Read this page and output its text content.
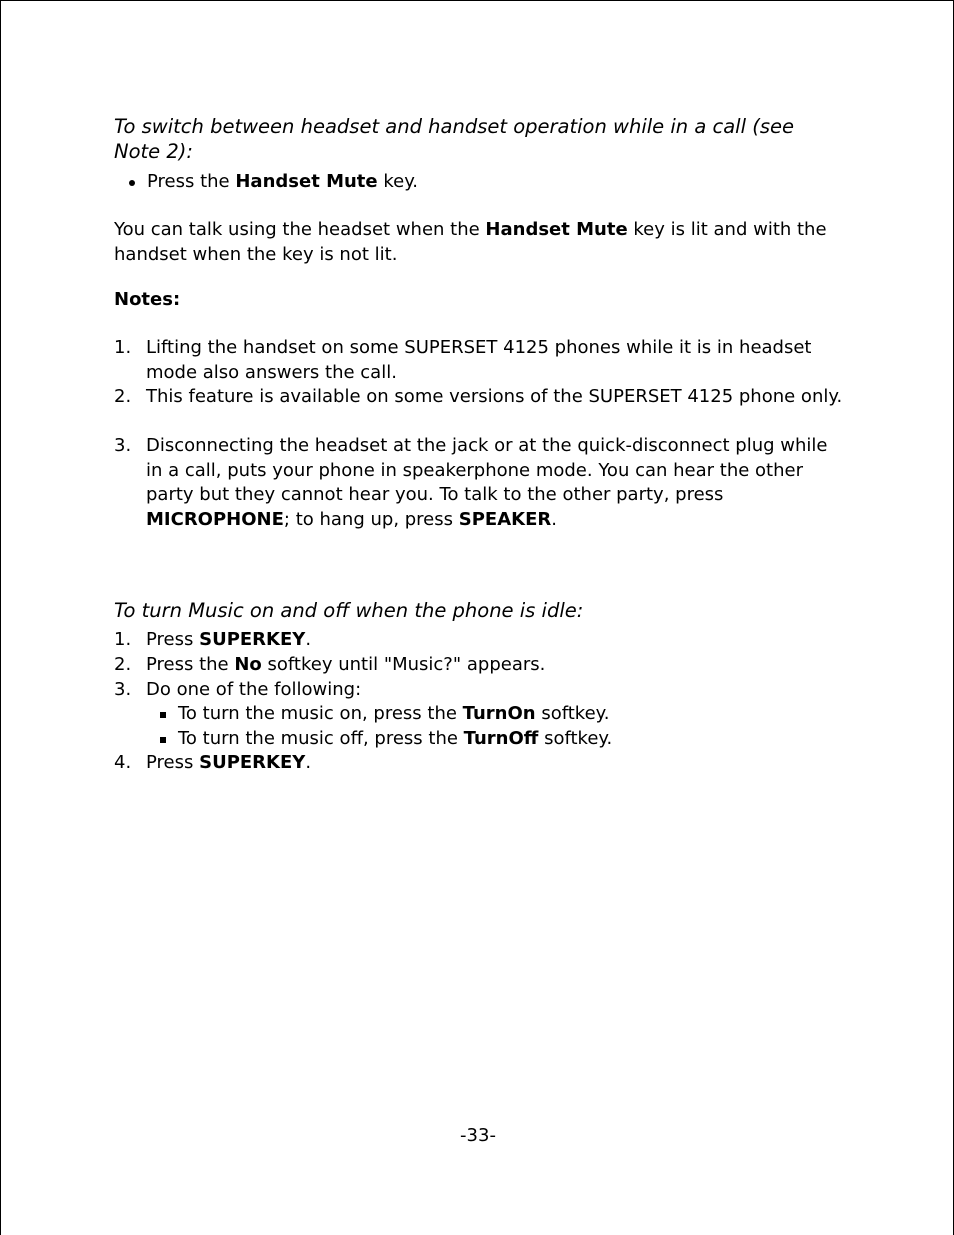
To switch between headset and handset operation while in a call (see Note 2):
Press the Handset Mute key.

You can talk using the headset when the Handset Mute key is lit and with the handset when the key is not lit.

Notes:

1. Lifting the handset on some SUPERSET 4125 phones while it is in headset mode also answers the call.
2. This feature is available on some versions of the SUPERSET 4125 phone only.
3. Disconnecting the headset at the jack or at the quick-disconnect plug while in a call, puts your phone in speakerphone mode. You can hear the other party but they cannot hear you. To talk to the other party, press MICROPHONE; to hang up, press SPEAKER.
To turn Music on and off when the phone is idle:
1. Press SUPERKEY.
2. Press the No softkey until "Music?" appears.
3. Do one of the following:
To turn the music on, press the TurnOn softkey.
To turn the music off, press the TurnOff softkey.
4. Press SUPERKEY.
-33-
